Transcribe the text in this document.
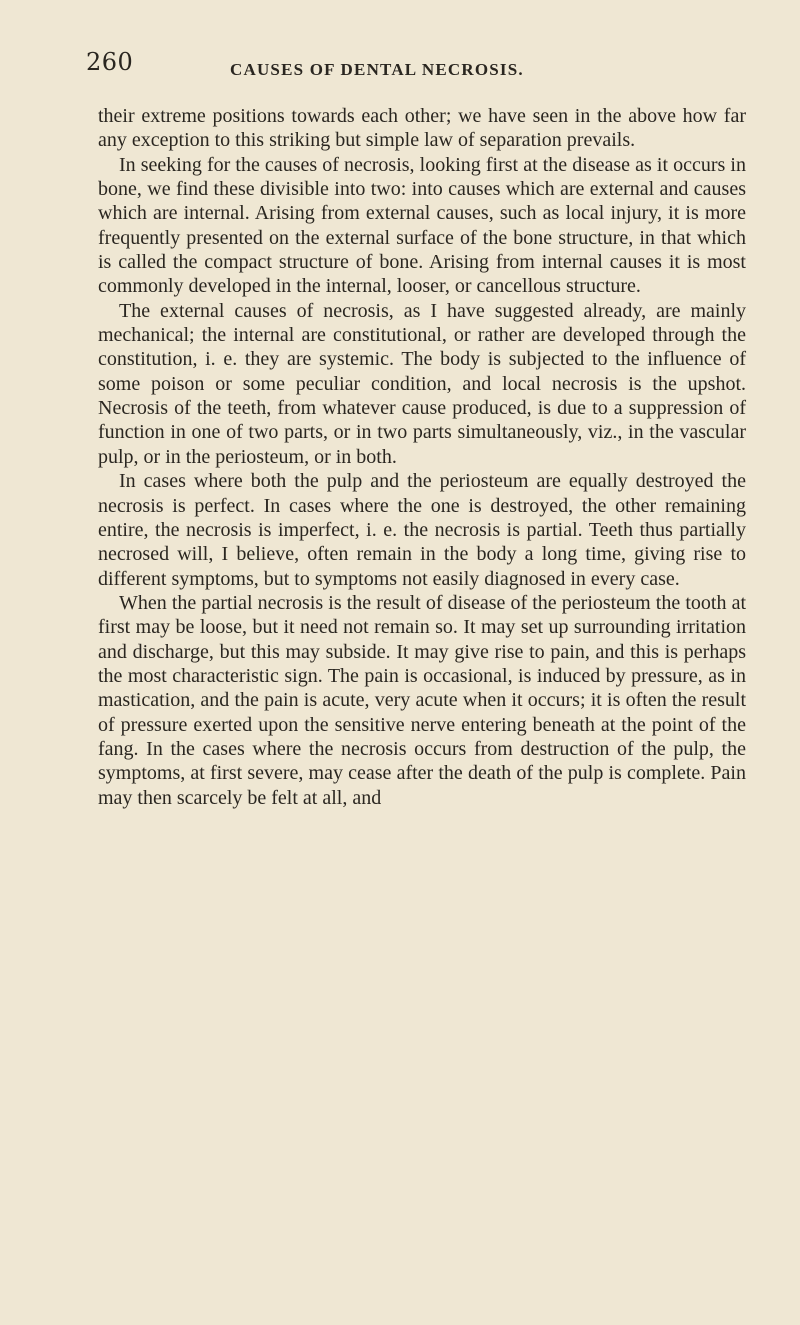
260	CAUSES OF DENTAL NECROSIS.

their extreme positions towards each other; we have seen in the above how far any exception to this striking but simple law of separation prevails.

In seeking for the causes of necrosis, looking first at the disease as it occurs in bone, we find these divisible into two: into causes which are external and causes which are internal. Arising from external causes, such as local injury, it is more frequently presented on the external surface of the bone structure, in that which is called the compact structure of bone. Arising from internal causes it is most commonly developed in the internal, looser, or cancellous structure.

The external causes of necrosis, as I have suggested already, are mainly mechanical; the internal are constitutional, or rather are developed through the constitution, i. e. they are systemic. The body is subjected to the influence of some poison or some peculiar condition, and local necrosis is the upshot. Necrosis of the teeth, from whatever cause produced, is due to a suppression of function in one of two parts, or in two parts simultaneously, viz., in the vascular pulp, or in the periosteum, or in both.

In cases where both the pulp and the periosteum are equally destroyed the necrosis is perfect. In cases where the one is destroyed, the other remaining entire, the necrosis is imperfect, i. e. the necrosis is partial. Teeth thus partially necrosed will, I believe, often remain in the body a long time, giving rise to different symptoms, but to symptoms not easily diagnosed in every case.

When the partial necrosis is the result of disease of the periosteum the tooth at first may be loose, but it need not remain so. It may set up surrounding irritation and discharge, but this may subside. It may give rise to pain, and this is perhaps the most characteristic sign. The pain is occasional, is induced by pressure, as in mastication, and the pain is acute, very acute when it occurs; it is often the result of pressure exerted upon the sensitive nerve entering beneath at the point of the fang. In the cases where the necrosis occurs from destruction of the pulp, the symptoms, at first severe, may cease after the death of the pulp is complete. Pain may then scarcely be felt at all, and
